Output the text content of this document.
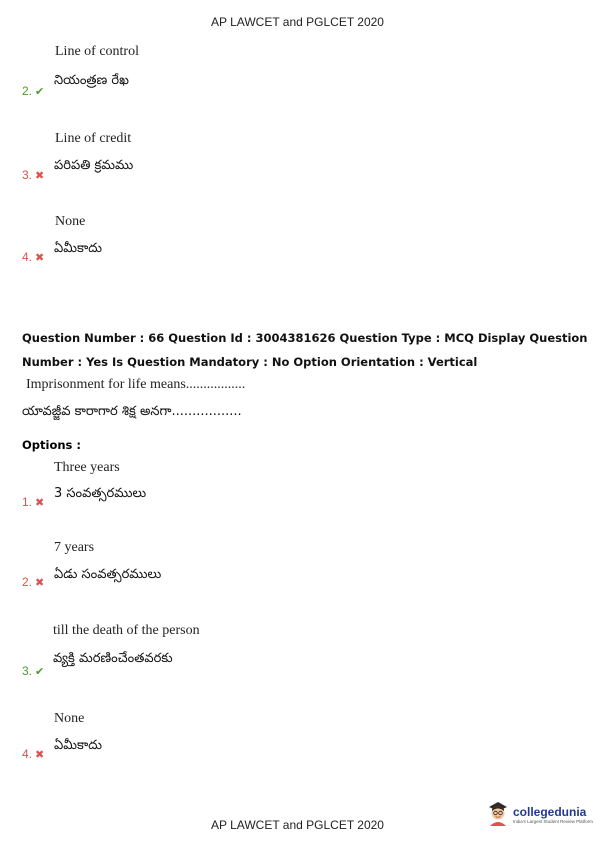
AP LAWCET and PGLCET 2020
Line of control
నియంత్రణ రేఖ
2. ✔
Line of credit
పరిపతి క్రమము
3. ✖
None
ఏమీకాదు
4. ✖
Question Number : 66 Question Id : 3004381626 Question Type : MCQ Display Question
Number : Yes Is Question Mandatory : No Option Orientation : Vertical
Imprisonment for life means.................
యావజ్జీవ కారాగార శిక్ష అనగా.................
Options :
Three years
3 సంవత్సరములు
1. ✖
7 years
ఏడు సంవత్సరములు
2. ✖
till the death of the person
వ్యక్తి మరణించేంతవరకు
3. ✔
None
ఏమీకాదు
4. ✖
collegedunia
India's Largest Student Review Platform
AP LAWCET and PGLCET 2020
